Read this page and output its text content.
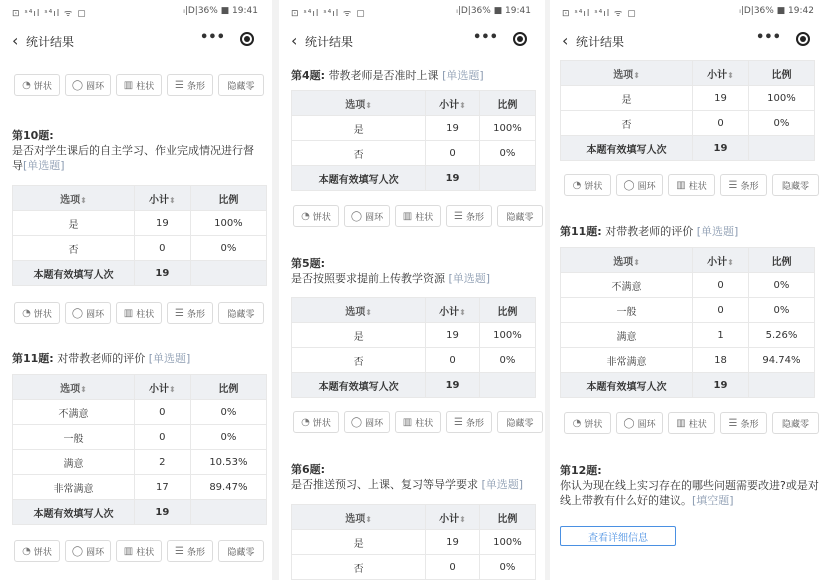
⊡ ˢ⁴ıl ˢ⁴ıl ᯤ ▢	ᵢ|D|36% ■ 19:41
‹ 统计结果	•••
◔ 饼状 ◯ 圆环 ▥ 柱状 ☰ 条形	隐藏零
第10题:
是否对学生课后的自主学习、作业完成情况进行督导[单选题]
选项⬍	小计⬍	比例
是	19	100%
否	0	0%
本题有效填写人次	19	
◔ 饼状 ◯ 圆环 ▥ 柱状 ☰ 条形	隐藏零
第11题: 对带教老师的评价 [单选题]
选项⬍	小计⬍	比例
不满意	0	0%
一般	0	0%
满意	2	10.53%
非常满意	17	89.47%
本题有效填写人次	19	
◔ 饼状 ◯ 圆环 ▥ 柱状 ☰ 条形	隐藏零
⊡ ˢ⁴ıl ˢ⁴ıl ᯤ ▢	ᵢ|D|36% ■ 19:41
‹ 统计结果	•••
第4题: 带教老师是否准时上课 [单选题]
选项⬍	小计⬍	比例
是	19	100%
否	0	0%
本题有效填写人次	19	
◔ 饼状 ◯ 圆环 ▥ 柱状 ☰ 条形	隐藏零
第5题:
是否按照要求提前上传教学资源 [单选题]
选项⬍	小计⬍	比例
是	19	100%
否	0	0%
本题有效填写人次	19	
◔ 饼状 ◯ 圆环 ▥ 柱状 ☰ 条形	隐藏零
第6题:
是否推送预习、上课、复习等导学要求 [单选题]
选项⬍	小计⬍	比例
是	19	100%
否	0	0%
⊡ ˢ⁴ıl ˢ⁴ıl ᯤ ▢	ᵢ|D|36% ■ 19:42
‹ 统计结果	•••
选项⬍	小计⬍	比例
是	19	100%
否	0	0%
本题有效填写人次	19	
◔ 饼状 ◯ 圆环 ▥ 柱状 ☰ 条形	隐藏零
第11题: 对带教老师的评价 [单选题]
选项⬍	小计⬍	比例
不满意	0	0%
一般	0	0%
满意	1	5.26%
非常满意	18	94.74%
本题有效填写人次	19	
◔ 饼状 ◯ 圆环 ▥ 柱状 ☰ 条形	隐藏零
第12题:
你认为现在线上实习存在的哪些问题需要改进?或是对线上带教有什么好的建议。[填空题]
查看详细信息
